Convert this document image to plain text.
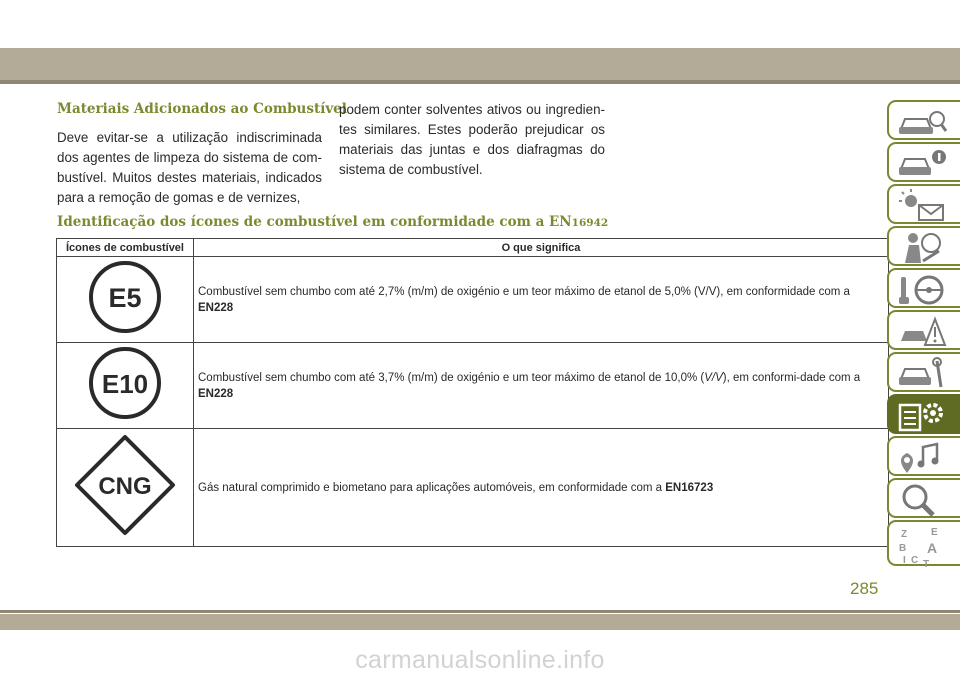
Materiais Adicionados ao Combustível
Deve evitar-se a utilização indiscriminada dos agentes de limpeza do sistema de com-bustível. Muitos destes materiais, indicados para a remoção de gomas e de vernizes,
podem conter solventes ativos ou ingredien-tes similares. Estes poderão prejudicar os materiais das juntas e dos diafragmas do sistema de combustível.
Identificação dos ícones de combustível em conformidade com a EN16942
Ícones de combustível	O que significa

E5	Combustível sem chumbo com até 2,7% (m/m) de oxigénio e um teor máximo de etanol de 5,0% (V/V), em conformidade com a EN228

E10	Combustível sem chumbo com até 3,7% (m/m) de oxigénio e um teor máximo de etanol de 10,0% (V/V), em conformi-dade com a EN228

CNG	Gás natural comprimido e biometano para aplicações automóveis, em conformidade com a EN16723
Z E
B A
C
I T
285
carmanualsonline.info
